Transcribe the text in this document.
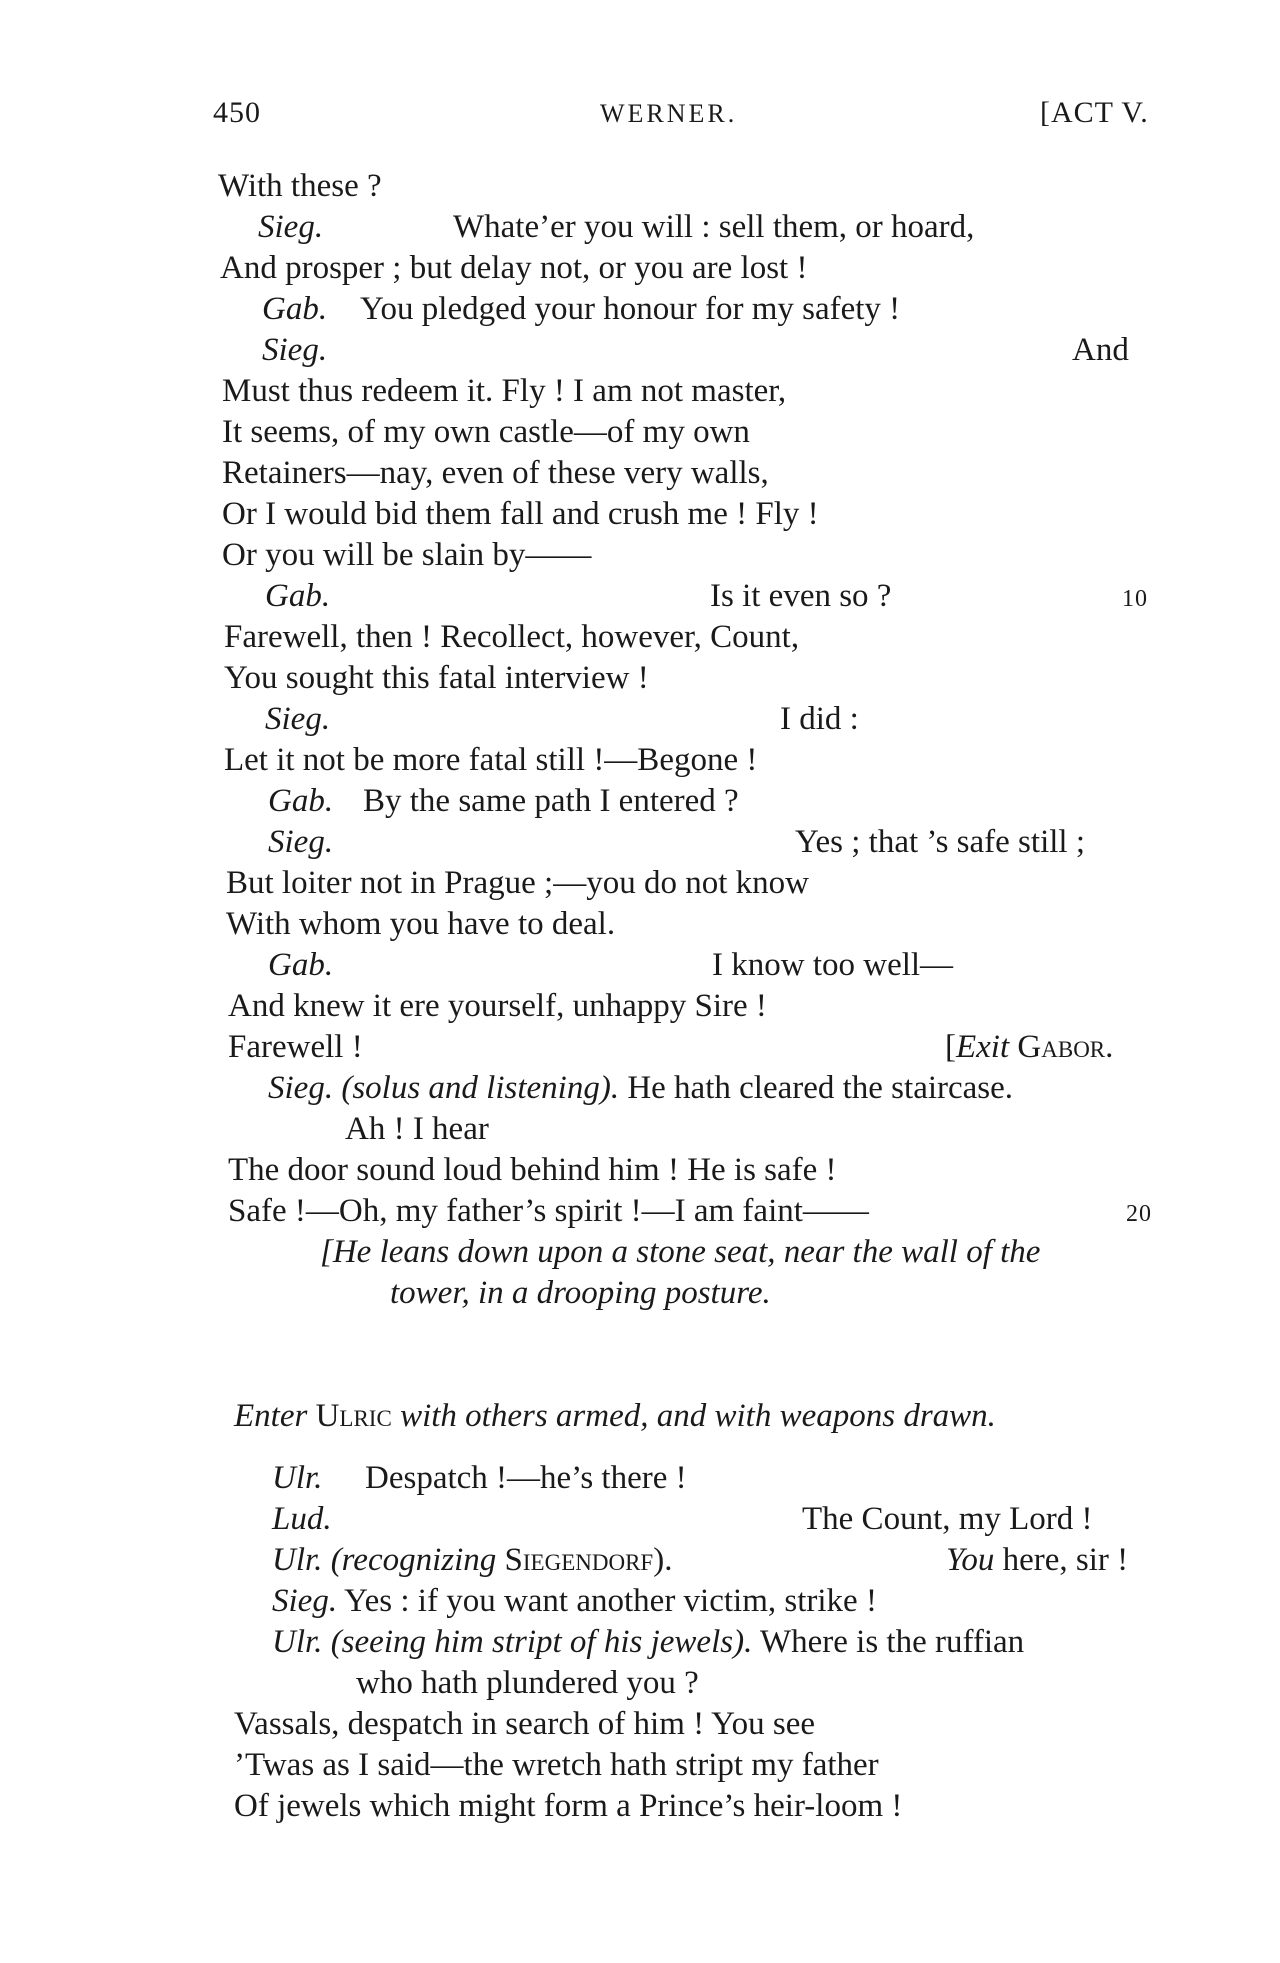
450	WERNER.	[ACT V.
With these ?
Sieg.	Whate’er you will : sell them, or hoard,
And prosper ; but delay not, or you are lost !
Gab. You pledged your honour for my safety !
Sieg.	And
Must thus redeem it. Fly ! I am not master,
It seems, of my own castle—of my own
Retainers—nay, even of these very walls,
Or I would bid them fall and crush me ! Fly !
Or you will be slain by——
Gab.	Is it even so ?	10
Farewell, then ! Recollect, however, Count,
You sought this fatal interview !
Sieg.	I did :
Let it not be more fatal still !—Begone !
Gab. By the same path I entered ?
Sieg.	Yes ; that ’s safe still ;
But loiter not in Prague ;—you do not know
With whom you have to deal.
Gab.	I know too well—
And knew it ere yourself, unhappy Sire !
Farewell !	[Exit Gabor.
Sieg. (solus and listening). He hath cleared the staircase.
Ah ! I hear
The door sound loud behind him ! He is safe !
Safe !—Oh, my father’s spirit !—I am faint——	20
[He leans down upon a stone seat, near the wall of the
tower, in a drooping posture.
Enter Ulric with others armed, and with weapons drawn.
Ulr. Despatch !—he’s there !
Lud.	The Count, my Lord !
Ulr. (recognizing Siegendorf).	You here, sir !
Sieg. Yes : if you want another victim, strike !
Ulr. (seeing him stript of his jewels). Where is the ruffian
who hath plundered you ?
Vassals, despatch in search of him ! You see
’Twas as I said—the wretch hath stript my father
Of jewels which might form a Prince’s heir-loom !
